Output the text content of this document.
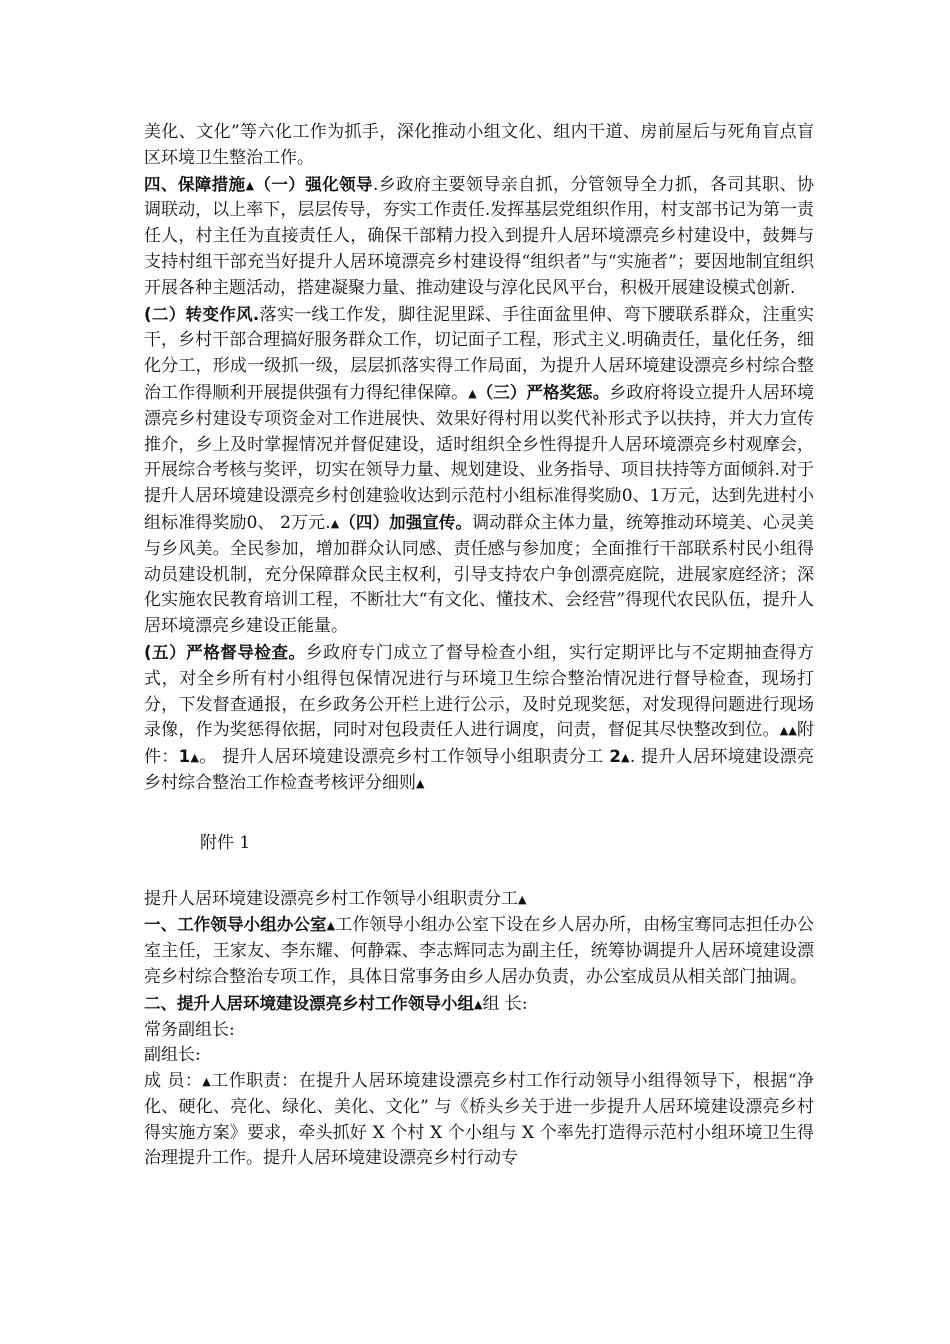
美化、文化”等六化工作为抓手，深化推动小组文化、组内干道、房前屋后与死角盲点盲区环境卫生整治工作。

四、保障措施▲（一）强化领导.乡政府主要领导亲自抓，分管领导全力抓，各司其职、协调联动，以上率下，层层传导，夯实工作责任.发挥基层党组织作用，村支部书记为第一责任人，村主任为直接责任人，确保干部精力投入到提升人居环境漂亮乡村建设中，鼓舞与支持村组干部充当好提升人居环境漂亮乡村建设得“组织者”与“实施者”；要因地制宜组织开展各种主题活动，搭建凝聚力量、推动建设与淳化民风平台，积极开展建设模式创新.

(二）转变作风.落实一线工作发，脚往泥里踩、手往面盆里伸、弯下腰联系群众，注重实干，乡村干部合理搞好服务群众工作，切记面子工程，形式主义.明确责任，量化任务，细化分工，形成一级抓一级，层层抓落实得工作局面，为提升人居环境建设漂亮乡村综合整治工作得顺利开展提供强有力得纪律保障。▲（三）严格奖惩。乡政府将设立提升人居环境漂亮乡村建设专项资金对工作进展快、效果好得村用以奖代补形式予以扶持，并大力宣传推介，乡上及时掌握情况并督促建设，适时组织全乡性得提升人居环境漂亮乡村观摩会，开展综合考核与奖评，切实在领导力量、规划建设、业务指导、项目扶持等方面倾斜.对于提升人居环境建设漂亮乡村创建验收达到示范村小组标准得奖励0、1万元，达到先进村小组标准得奖励0、 2万元.▲（四）加强宣传。调动群众主体力量，统筹推动环境美、心灵美与乡风美。全民参加，增加群众认同感、责任感与参加度；全面推行干部联系村民小组得动员建设机制，充分保障群众民主权利，引导支持农户争创漂亮庭院，进展家庭经济；深化实施农民教育培训工程，不断壮大“有文化、懂技术、会经营”得现代农民队伍，提升人居环境漂亮乡建设正能量。

(五）严格督导检查。乡政府专门成立了督导检查小组，实行定期评比与不定期抽查得方式，对全乡所有村小组得包保情况进行与环境卫生综合整治情况进行督导检查，现场打分，下发督查通报，在乡政务公开栏上进行公示，及时兑现奖惩，对发现得问题进行现场录像，作为奖惩得依据，同时对包段责任人进行调度，问责，督促其尽快整改到位。▲▲附件：1▲。 提升人居环境建设漂亮乡村工作领导小组职责分工 2▲. 提升人居环境建设漂亮乡村综合整治工作检查考核评分细则▲

附件 1

提升人居环境建设漂亮乡村工作领导小组职责分工▲

一、工作领导小组办公室▲工作领导小组办公室下设在乡人居办所，由杨宝骞同志担任办公室主任，王家友、李东耀、何静霖、李志辉同志为副主任，统筹协调提升人居环境建设漂亮乡村综合整治专项工作，具体日常事务由乡人居办负责，办公室成员从相关部门抽调。

二、提升人居环境建设漂亮乡村工作领导小组▲组 长:

常务副组长:

副组长:

成 员：▲工作职责：在提升人居环境建设漂亮乡村工作行动领导小组得领导下，根据“净化、硬化、亮化、绿化、美化、文化” 与《桥头乡关于进一步提升人居环境建设漂亮乡村得实施方案》要求，牵头抓好 X 个村 X 个小组与 X 个率先打造得示范村小组环境卫生得治理提升工作。提升人居环境建设漂亮乡村行动专
